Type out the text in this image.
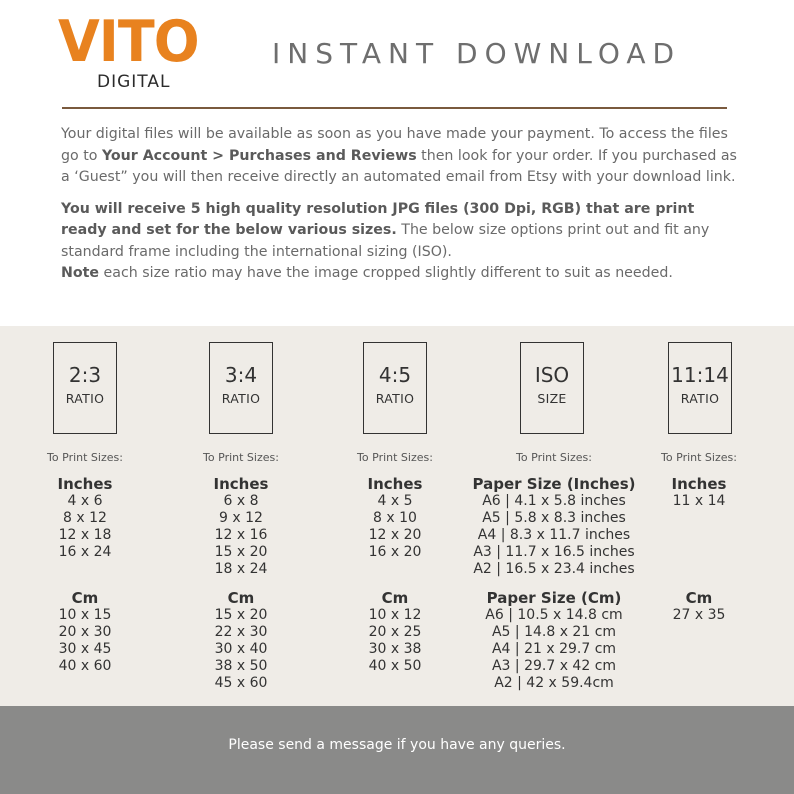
VITO
DIGITAL
INSTANT DOWNLOAD

Your digital files will be available as soon as you have made your payment. To access the files go to Your Account > Purchases and Reviews then look for your order. If you purchased as a ‘Guest” you will then receive directly an automated email from Etsy with your download link.

You will receive 5 high quality resolution JPG files (300 Dpi, RGB) that are print ready and set for the below various sizes. The below size options print out and fit any standard frame including the international sizing (ISO).
Note each size ratio may have the image cropped slightly different to suit as needed.

2:3
RATIO
To Print Sizes:
Inches
4 x 6
8 x 12
12 x 18
16 x 24
Cm
10 x 15
20 x 30
30 x 45
40 x 60
3:4
RATIO
To Print Sizes:
Inches
6 x 8
9 x 12
12 x 16
15 x 20
18 x 24
Cm
15 x 20
22 x 30
30 x 40
38 x 50
45 x 60
4:5
RATIO
To Print Sizes:
Inches
4 x 5
8 x 10
12 x 20
16 x 20
Cm
10 x 12
20 x 25
30 x 38
40 x 50
ISO
SIZE
To Print Sizes:
Paper Size (Inches)
A6 | 4.1 x 5.8 inches
A5 | 5.8 x 8.3 inches
A4 | 8.3 x 11.7 inches
A3 | 11.7 x 16.5 inches
A2 | 16.5 x 23.4 inches
Paper Size (Cm)
A6 | 10.5 x 14.8 cm
A5 | 14.8 x 21 cm
A4 | 21 x 29.7 cm
A3 | 29.7 x 42 cm
A2 | 42 x 59.4cm
11:14
RATIO
To Print Sizes:
Inches
11 x 14
Cm
27 x 35
Please send a message if you have any queries.
